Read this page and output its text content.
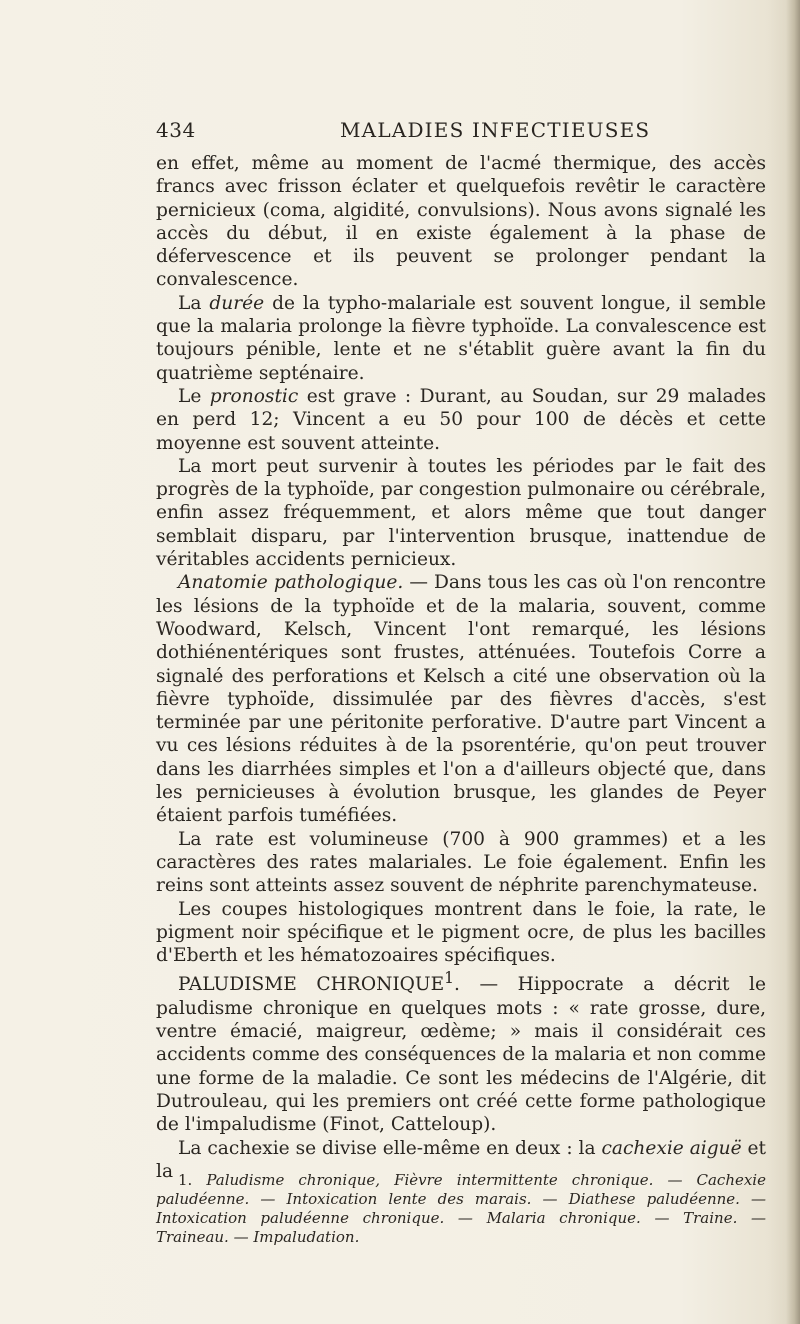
434	MALADIES INFECTIEUSES

en effet, même au moment de l'acmé thermique, des accès francs avec frisson éclater et quelquefois revêtir le caractère pernicieux (coma, algidité, convulsions). Nous avons signalé les accès du début, il en existe également à la phase de défervescence et ils peuvent se prolonger pendant la convalescence.

La durée de la typho-malariale est souvent longue, il semble que la malaria prolonge la fièvre typhoïde. La convalescence est toujours pénible, lente et ne s'établit guère avant la fin du quatrième septénaire.

Le pronostic est grave : Durant, au Soudan, sur 29 malades en perd 12; Vincent a eu 50 pour 100 de décès et cette moyenne est souvent atteinte.

La mort peut survenir à toutes les périodes par le fait des progrès de la typhoïde, par congestion pulmonaire ou cérébrale, enfin assez fréquemment, et alors même que tout danger semblait disparu, par l'intervention brusque, inattendue de véritables accidents pernicieux.

Anatomie pathologique. — Dans tous les cas où l'on rencontre les lésions de la typhoïde et de la malaria, souvent, comme Woodward, Kelsch, Vincent l'ont remarqué, les lésions dothiénentériques sont frustes, atténuées. Toutefois Corre a signalé des perforations et Kelsch a cité une observation où la fièvre typhoïde, dissimulée par des fièvres d'accès, s'est terminée par une péritonite perforative. D'autre part Vincent a vu ces lésions réduites à de la psorentérie, qu'on peut trouver dans les diarrhées simples et l'on a d'ailleurs objecté que, dans les pernicieuses à évolution brusque, les glandes de Peyer étaient parfois tuméfiées.

La rate est volumineuse (700 à 900 grammes) et a les caractères des rates malariales. Le foie également. Enfin les reins sont atteints assez souvent de néphrite parenchymateuse.

Les coupes histologiques montrent dans le foie, la rate, le pigment noir spécifique et le pigment ocre, de plus les bacilles d'Eberth et les hématozoaires spécifiques.

PALUDISME CHRONIQUE$^1$. — Hippocrate a décrit le paludisme chronique en quelques mots : « rate grosse, dure, ventre émacié, maigreur, œdème; » mais il considérait ces accidents comme des conséquences de la malaria et non comme une forme de la maladie. Ce sont les médecins de l'Algérie, dit Dutrouleau, qui les premiers ont créé cette forme pathologique de l'impaludisme (Finot, Catteloup).

La cachexie se divise elle-même en deux : la cachexie aiguë et la 1. Paludisme chronique, Fièvre intermittente chronique. — Cachexie paludéenne. — Intoxication lente des marais. — Diathese paludéenne. — Intoxication paludéenne chronique. — Malaria chronique. — Traine. — Traineau. — Impaludation.
